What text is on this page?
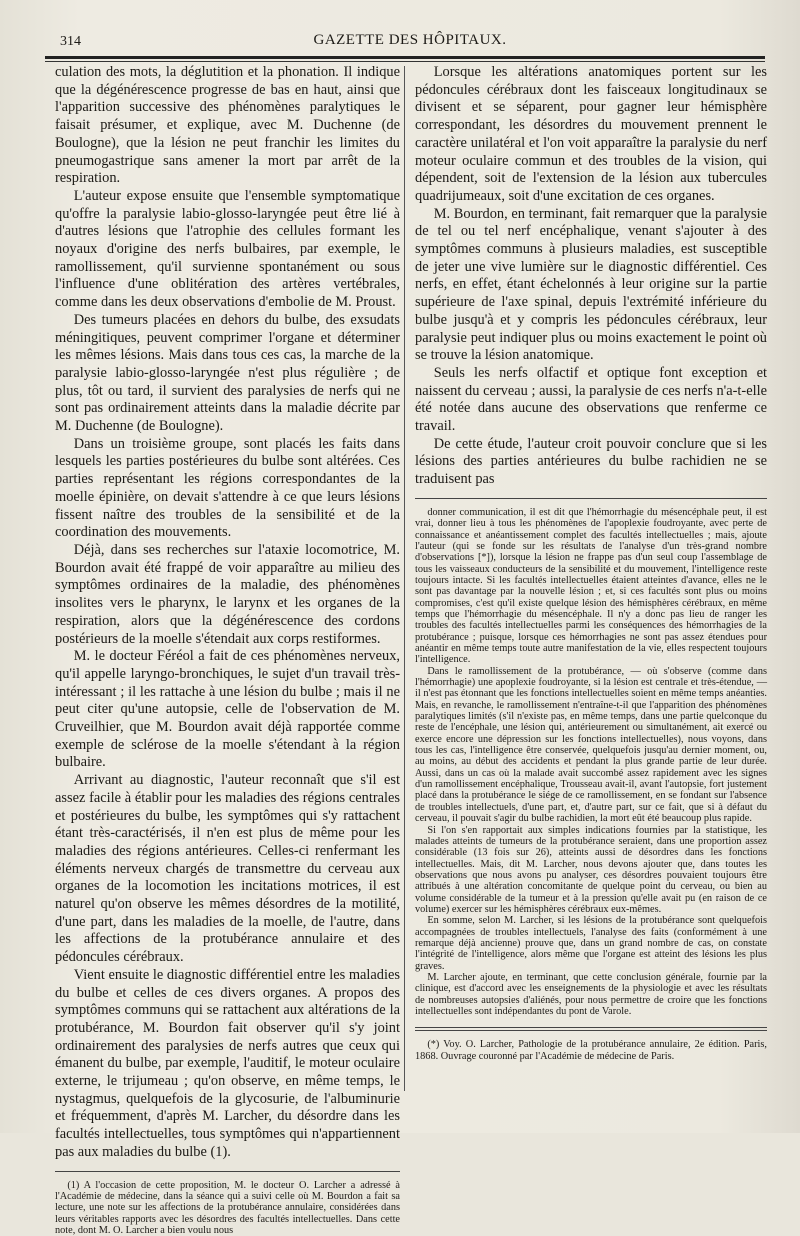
314	GAZETTE DES HÔPITAUX.

culation des mots, la déglutition et la phonation. Il indique que la dégénérescence progresse de bas en haut, ainsi que l'apparition successive des phénomènes paralytiques le faisait présumer, et explique, avec M. Duchenne (de Boulogne), que la lésion ne peut franchir les limites du pneumogastrique sans amener la mort par arrêt de la respiration.

L'auteur expose ensuite que l'ensemble symptomatique qu'offre la paralysie labio-glosso-laryngée peut être lié à d'autres lésions que l'atrophie des cellules formant les noyaux d'origine des nerfs bulbaires, par exemple, le ramollissement, qu'il survienne spontanément ou sous l'influence d'une oblitération des artères vertébrales, comme dans les deux observations d'embolie de M. Proust.

Des tumeurs placées en dehors du bulbe, des exsudats méningitiques, peuvent comprimer l'organe et déterminer les mêmes lésions. Mais dans tous ces cas, la marche de la paralysie labio-glosso-laryngée n'est plus régulière ; de plus, tôt ou tard, il survient des paralysies de nerfs qui ne sont pas ordinairement atteints dans la maladie décrite par M. Duchenne (de Boulogne).

Dans un troisième groupe, sont placés les faits dans lesquels les parties postérieures du bulbe sont altérées. Ces parties représentant les régions correspondantes de la moelle épinière, on devait s'attendre à ce que leurs lésions fissent naître des troubles de la sensibilité et de la coordination des mouvements.

Déjà, dans ses recherches sur l'ataxie locomotrice, M. Bourdon avait été frappé de voir apparaître au milieu des symptômes ordinaires de la maladie, des phénomènes insolites vers le pharynx, le larynx et les organes de la respiration, alors que la dégénérescence des cordons postérieurs de la moelle s'étendait aux corps restiformes.

M. le docteur Féréol a fait de ces phénomènes nerveux, qu'il appelle laryngo-bronchiques, le sujet d'un travail très-intéressant ; il les rattache à une lésion du bulbe ; mais il ne peut citer qu'une autopsie, celle de l'observation de M. Cruveilhier, que M. Bourdon avait déjà rapportée comme exemple de sclérose de la moelle s'étendant à la région bulbaire.

Arrivant au diagnostic, l'auteur reconnaît que s'il est assez facile à établir pour les maladies des régions centrales et postérieures du bulbe, les symptômes qui s'y rattachent étant très-caractérisés, il n'en est plus de même pour les maladies des régions antérieures. Celles-ci renfermant les éléments nerveux chargés de transmettre du cerveau aux organes de la locomotion les incitations motrices, il est naturel qu'on observe les mêmes désordres de la motilité, d'une part, dans les maladies de la moelle, de l'autre, dans les affections de la protubérance annulaire et des pédoncules cérébraux.

Vient ensuite le diagnostic différentiel entre les maladies du bulbe et celles de ces divers organes. A propos des symptômes communs qui se rattachent aux altérations de la protubérance, M. Bourdon fait observer qu'il s'y joint ordinairement des paralysies de nerfs autres que ceux qui émanent du bulbe, par exemple, l'auditif, le moteur oculaire externe, le trijumeau ; qu'on observe, en même temps, le nystagmus, quelquefois de la glycosurie, de l'albuminurie et fréquemment, d'après M. Larcher, du désordre dans les facultés intellectuelles, tous symptômes qui n'appartiennent pas aux maladies du bulbe (1).

(1) A l'occasion de cette proposition, M. le docteur O. Larcher a adressé à l'Académie de médecine, dans la séance qui a suivi celle où M. Bourdon a fait sa lecture, une note sur les affections de la protubérance annulaire, considérées dans leurs véritables rapports avec les désordres des facultés intellectuelles. Dans cette note, dont M. O. Larcher a bien voulu nous

Lorsque les altérations anatomiques portent sur les pédoncules cérébraux dont les faisceaux longitudinaux se divisent et se séparent, pour gagner leur hémisphère correspondant, les désordres du mouvement prennent le caractère unilatéral et l'on voit apparaître la paralysie du nerf moteur oculaire commun et des troubles de la vision, qui dépendent, soit de l'extension de la lésion aux tubercules quadrijumeaux, soit d'une excitation de ces organes.

M. Bourdon, en terminant, fait remarquer que la paralysie de tel ou tel nerf encéphalique, venant s'ajouter à des symptômes communs à plusieurs maladies, est susceptible de jeter une vive lumière sur le diagnostic différentiel. Ces nerfs, en effet, étant échelonnés à leur origine sur la partie supérieure de l'axe spinal, depuis l'extrémité inférieure du bulbe jusqu'à et y compris les pédoncules cérébraux, leur paralysie peut indiquer plus ou moins exactement le point où se trouve la lésion anatomique.

Seuls les nerfs olfactif et optique font exception et naissent du cerveau ; aussi, la paralysie de ces nerfs n'a-t-elle été notée dans aucune des observations que renferme ce travail.

De cette étude, l'auteur croit pouvoir conclure que si les lésions des parties antérieures du bulbe rachidien ne se traduisent pas

donner communication, il est dit que l'hémorrhagie du mésencéphale peut, il est vrai, donner lieu à tous les phénomènes de l'apoplexie foudroyante, avec perte de connaissance et anéantissement complet des facultés intellectuelles ; mais, ajoute l'auteur (qui se fonde sur les résultats de l'analyse d'un très-grand nombre d'observations [*]), lorsque la lésion ne frappe pas d'un seul coup l'assemblage de tous les vaisseaux conducteurs de la sensibilité et du mouvement, l'intelligence reste toujours intacte. Si les facultés intellectuelles étaient atteintes d'avance, elles ne le sont pas davantage par la nouvelle lésion ; et, si ces facultés sont plus ou moins compromises, c'est qu'il existe quelque lésion des hémisphères cérébraux, en même temps que l'hémorrhagie du mésencéphale. Il n'y a donc pas lieu de ranger les troubles des facultés intellectuelles parmi les conséquences des hémorrhagies de la protubérance ; puisque, lorsque ces hémorrhagies ne sont pas assez étendues pour anéantir en même temps toute autre manifestation de la vie, elles respectent toujours l'intelligence.

Dans le ramollissement de la protubérance, — où s'observe (comme dans l'hémorrhagie) une apoplexie foudroyante, si la lésion est centrale et très-étendue, — il n'est pas étonnant que les fonctions intellectuelles soient en même temps anéanties. Mais, en revanche, le ramollissement n'entraîne-t-il que l'apparition des phénomènes paralytiques limités (s'il n'existe pas, en même temps, dans une partie quelconque du reste de l'encéphale, une lésion qui, antérieurement ou simultanément, ait exercé ou exerce encore une dépression sur les fonctions intellectuelles), nous voyons, dans tous les cas, l'intelligence être conservée, quelquefois jusqu'au dernier moment, ou, au moins, au début des accidents et pendant la plus grande partie de leur durée. Aussi, dans un cas où la malade avait succombé assez rapidement avec les signes d'un ramollissement encéphalique, Trousseau avait-il, avant l'autopsie, fort justement placé dans la protubérance le siége de ce ramollissement, en se fondant sur l'absence de troubles intellectuels, d'une part, et, d'autre part, sur ce fait, que si à défaut du cerveau, il pouvait s'agir du bulbe rachidien, la mort eût été beaucoup plus rapide.

Si l'on s'en rapportait aux simples indications fournies par la statistique, les malades atteints de tumeurs de la protubérance seraient, dans une proportion assez considérable (13 fois sur 26), atteints aussi de désordres dans les fonctions intellectuelles. Mais, dit M. Larcher, nous devons ajouter que, dans toutes les observations que nous avons pu analyser, ces désordres pouvaient toujours être attribués à une altération concomitante de quelque point du cerveau, ou bien au volume considérable de la tumeur et à la pression qu'elle avait pu (en raison de ce volume) exercer sur les hémisphères cérébraux eux-mêmes.

En somme, selon M. Larcher, si les lésions de la protubérance sont quelquefois accompagnées de troubles intellectuels, l'analyse des faits (conformément à une remarque déjà ancienne) prouve que, dans un grand nombre de cas, on constate l'intégrité de l'intelligence, alors même que l'organe est atteint des lésions les plus graves.

M. Larcher ajoute, en terminant, que cette conclusion générale, fournie par la clinique, est d'accord avec les enseignements de la physiologie et avec les résultats de nombreuses autopsies d'aliénés, pour nous permettre de croire que les fonctions intellectuelles sont indépendantes du pont de Varole.

(*) Voy. O. Larcher, Pathologie de la protubérance annulaire, 2e édition. Paris, 1868. Ouvrage couronné par l'Académie de médecine de Paris.
